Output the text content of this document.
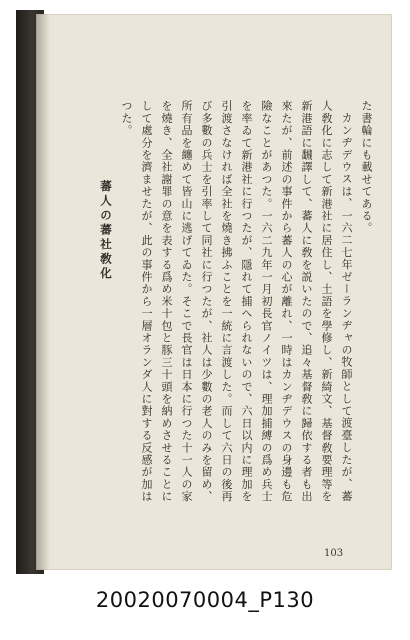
た書輪にも載せてある。
カンヂデウスは、一六二七年ゼーランヂャの牧師として渡臺したが、蕃
人敎化に志して新港社に居住し、土語を學修し、新綺文、基督敎要理等を
新港語に飜譯して、蕃人に敎を説いたので、追々基督敎に歸依する者も出
來たが、前述の事件から蕃人の心が離れ、一時はカンヂデウスの身邊も危
險なことがあつた。一六二九年一月初長官ノイツは、理加捕縛の爲め兵士
を率ゐて新港社に行つたが、隱れて捕へられないので、六日以内に理加を
引渡さなければ全社を燒き拂ふことを一統に言渡した。而して六日の後再
び多數の兵士を引率して同社に行つたが、社人は少數の老人のみを留め、
所有品を纏めて皆山に逃げてゐた。そこで長官は日本に行つた十一人の家
を燒き、全社謝罪の意を表する爲め米十包と豚三十頭を納めさせることに
して處分を濟ませたが、此の事件から一層オランダ人に對する反感が加は
つた。
蕃人の蕃社敎化
103
20020070004_P130
